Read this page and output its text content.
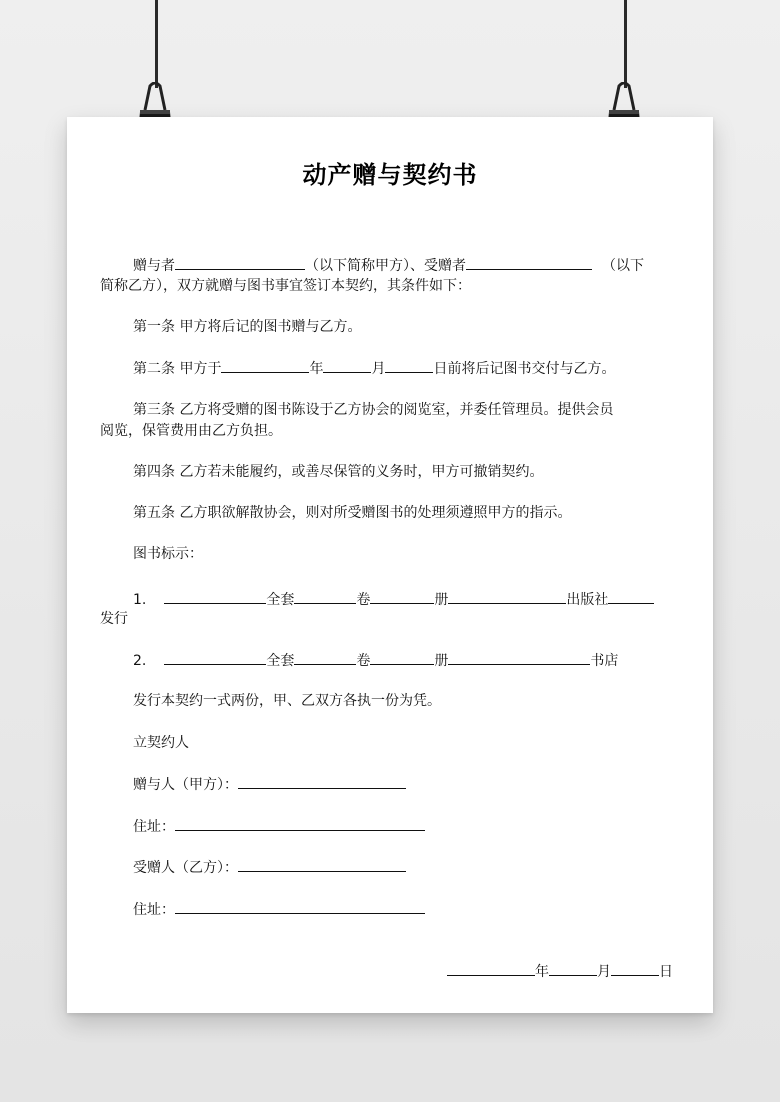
动产赠与契约书
赠与者	（以下简称甲方）、受赠者	（以下
简称乙方），双方就赠与图书事宜签订本契约，其条件如下：
第一条 甲方将后记的图书赠与乙方。
第二条 甲方于	年	月	日前将后记图书交付与乙方。
第三条 乙方将受赠的图书陈设于乙方协会的阅览室，并委任管理员。提供会员
阅览，保管费用由乙方负担。
第四条 乙方若未能履约，或善尽保管的义务时，甲方可撤销契约。
第五条 乙方职欲解散协会，则对所受赠图书的处理须遵照甲方的指示。
图书标示：
1.	全套	卷	册	出版社
发行
2.	全套	卷	册	书店
发行本契约一式两份，甲、乙双方各执一份为凭。
立契约人
赠与人（甲方）：
住址：
受赠人（乙方）：
住址：
年	月	日
